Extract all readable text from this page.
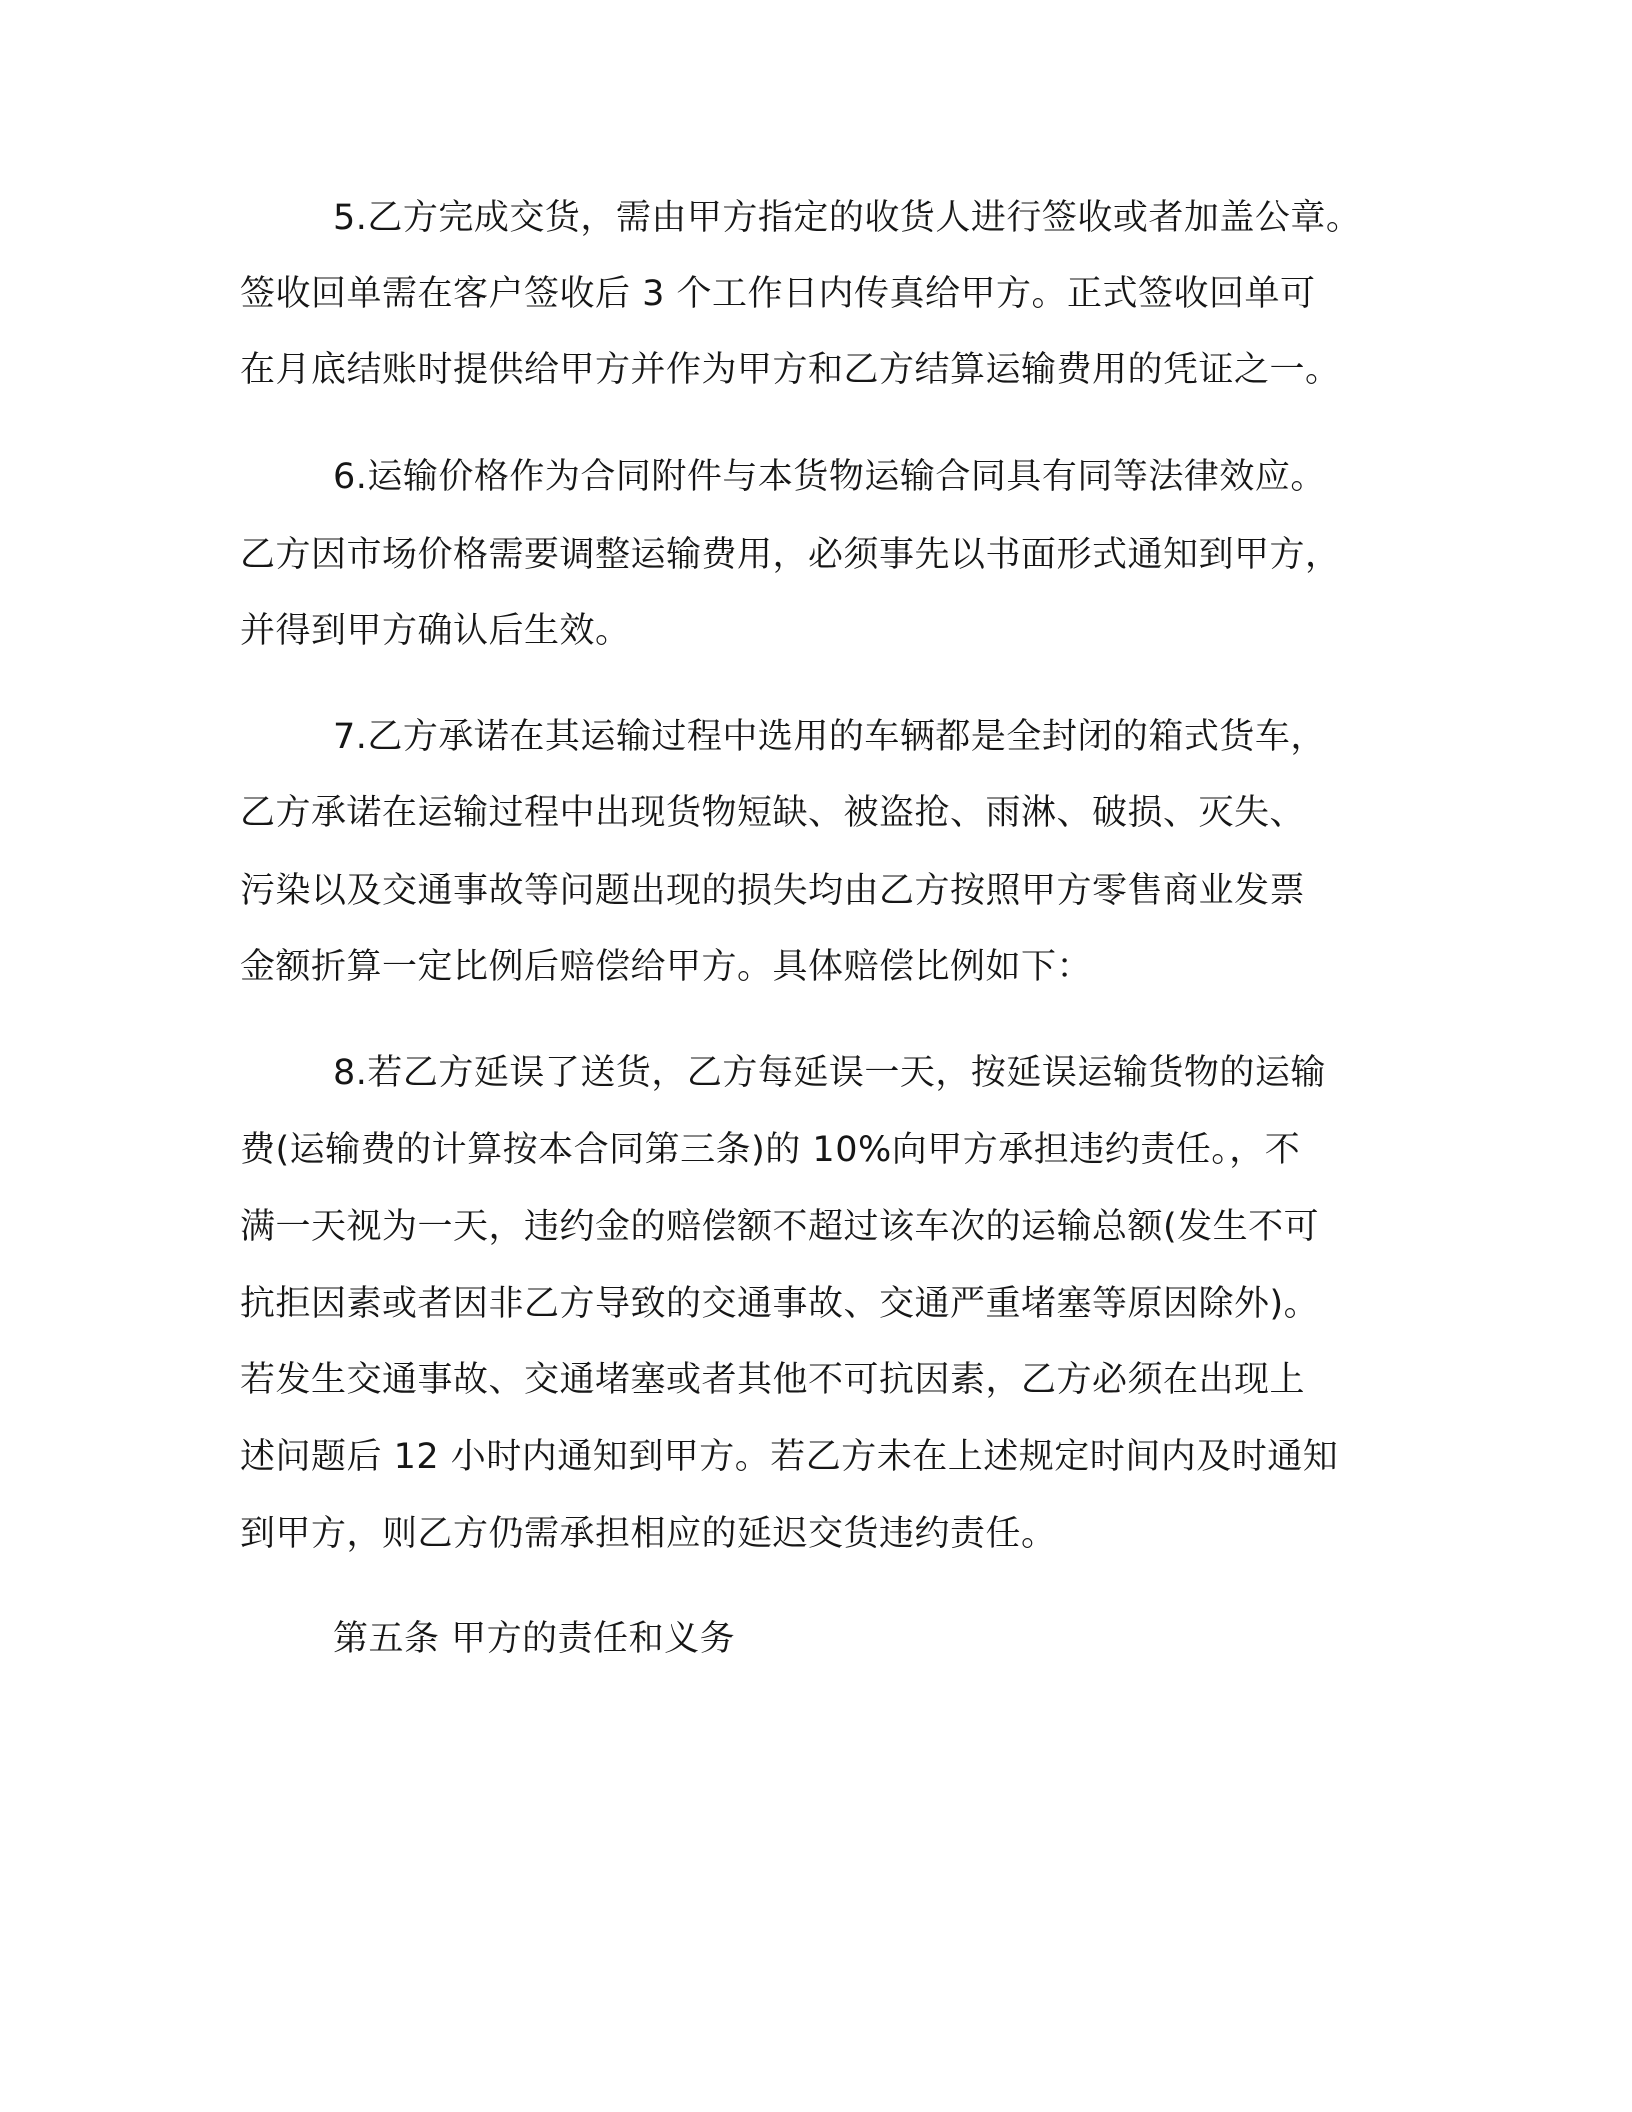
5.乙方完成交货，需由甲方指定的收货人进行签收或者加盖公章。

签收回单需在客户签收后 3 个工作日内传真给甲方。正式签收回单可

在月底结账时提供给甲方并作为甲方和乙方结算运输费用的凭证之一。

6.运输价格作为合同附件与本货物运输合同具有同等法律效应。

乙方因市场价格需要调整运输费用，必须事先以书面形式通知到甲方，

并得到甲方确认后生效。

7.乙方承诺在其运输过程中选用的车辆都是全封闭的箱式货车，

乙方承诺在运输过程中出现货物短缺、被盗抢、雨淋、破损、灭失、

污染以及交通事故等问题出现的损失均由乙方按照甲方零售商业发票

金额折算一定比例后赔偿给甲方。具体赔偿比例如下：

8.若乙方延误了送货，乙方每延误一天，按延误运输货物的运输

费(运输费的计算按本合同第三条)的 10%向甲方承担违约责任。，不

满一天视为一天，违约金的赔偿额不超过该车次的运输总额(发生不可

抗拒因素或者因非乙方导致的交通事故、交通严重堵塞等原因除外)。

若发生交通事故、交通堵塞或者其他不可抗因素，乙方必须在出现上

述问题后 12 小时内通知到甲方。若乙方未在上述规定时间内及时通知

到甲方，则乙方仍需承担相应的延迟交货违约责任。

第五条 甲方的责任和义务
